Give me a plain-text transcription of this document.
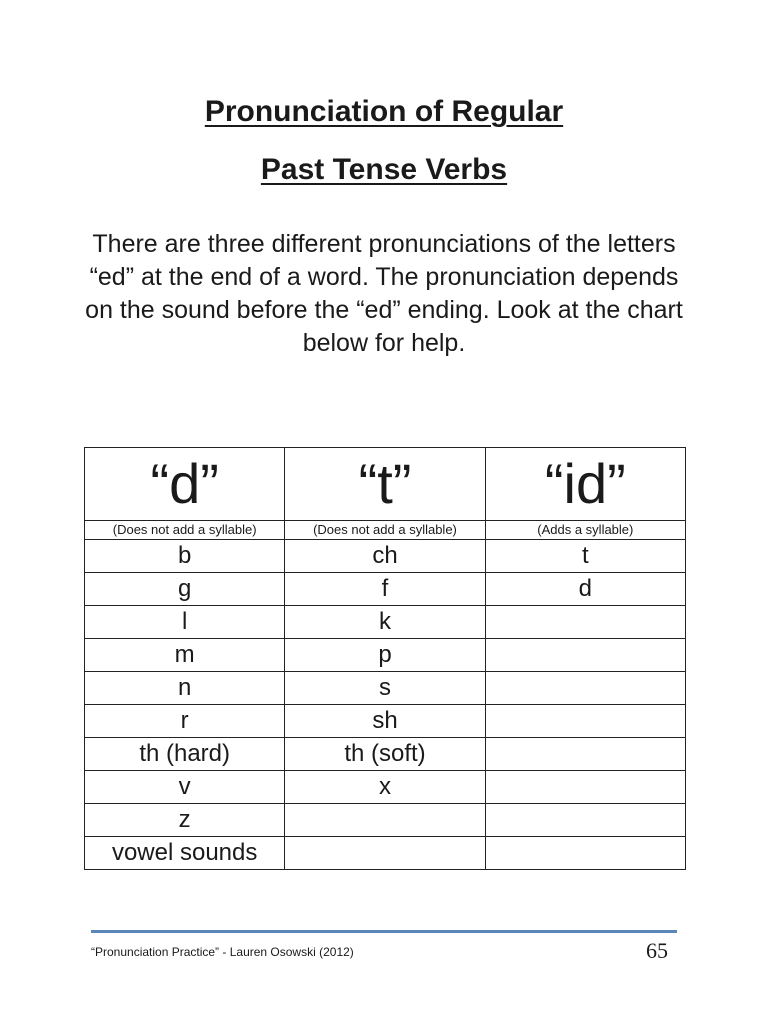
Pronunciation of Regular
Past Tense Verbs
There are three different pronunciations of the letters “ed” at the end of a word. The pronunciation depends on the sound before the “ed” ending. Look at the chart below for help.
“d”	“t”	“id”
(Does not add a syllable)	(Does not add a syllable)	(Adds a syllable)
b	ch	t
g	f	d
l	k	
m	p	
n	s	
r	sh	
th (hard)	th (soft)	
v	x	
z		
vowel sounds		
“Pronunciation Practice” - Lauren Osowski (2012)	65
